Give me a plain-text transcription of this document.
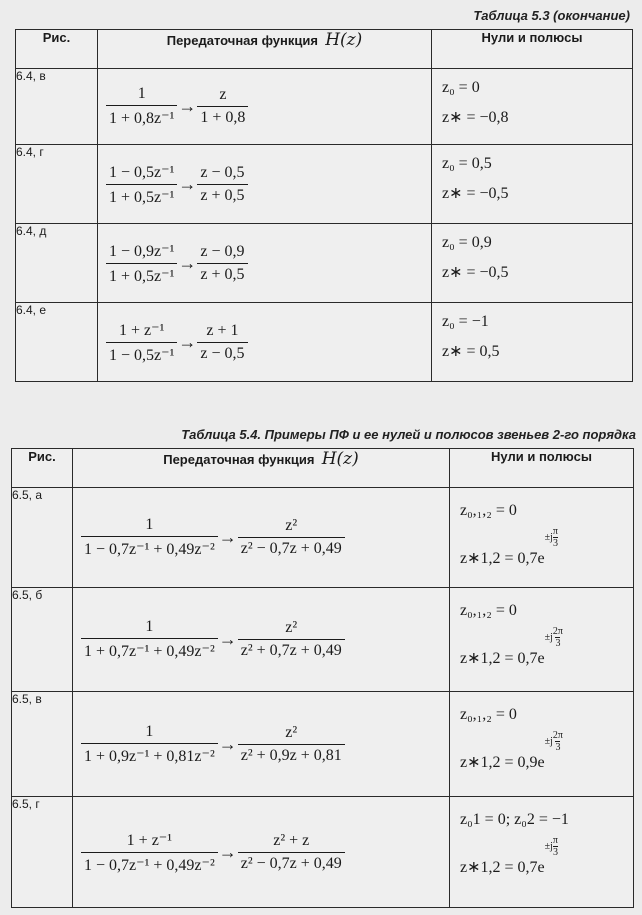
Таблица 5.3 (окончание)
Рис.	Передаточная функция H(z)	Нули и полюсы
6.4, в	$\frac{1}{\text{1 + 0,8z⁻¹}} \to \frac{z}{1 + 0,8}$	z₀ = 0
z∗ = −0,8

6.4, г	$\frac{\text{1 − 0,5z⁻¹}}{\text{1 + 0,5z⁻¹}} \to \frac{z - 0,5}{z + 0,5}$	z₀ = 0,5
z∗ = −0,5

6.4, д	$\frac{\text{1 − 0,9z⁻¹}}{\text{1 + 0,5z⁻¹}} \to \frac{z - 0,9}{z + 0,5}$	z₀ = 0,9
z∗ = −0,5

6.4, е	$\frac{\text{1 + z⁻¹}}{\text{1 − 0,5z⁻¹}} \to \frac{z + 1}{z - 0,5}$	z₀ = −1
z∗ = 0,5
Таблица 5.4. Примеры ПФ и ее нулей и полюсов звеньев 2-го порядка
Рис.	Передаточная функция H(z)	Нули и полюсы
6.5, а	$\frac{1}{\text{1 − 0,7z⁻¹ + 0,49z⁻²}} \to \frac{\text{z²}}{\text{z² − 0,7z + 0,49}}$	z₀,₁,₂ = 0
z∗1,2 = 0,7e
$\pm j \frac{\pi}{3}$

6.5, б	$\frac{1}{\text{1 + 0,7z⁻¹ + 0,49z⁻²}} \to \frac{\text{z²}}{\text{z² + 0,7z + 0,49}}$	z₀,₁,₂ = 0
z∗1,2 = 0,7e
$\pm j \frac{2\pi}{3}$

6.5, в	$\frac{1}{\text{1 + 0,9z⁻¹ + 0,81z⁻²}} \to \frac{\text{z²}}{\text{z² + 0,9z + 0,81}}$	z₀,₁,₂ = 0
z∗1,2 = 0,9e
$\pm j \frac{2\pi}{3}$

6.5, г	$\frac{\text{1 + z⁻¹}}{\text{1 − 0,7z⁻¹ + 0,49z⁻²}} \to \frac{\text{z² + z}}{\text{z² − 0,7z + 0,49}}$	z₀1 = 0; z₀2 = −1
z∗1,2 = 0,7e
$\pm j \frac{\pi}{3}$
